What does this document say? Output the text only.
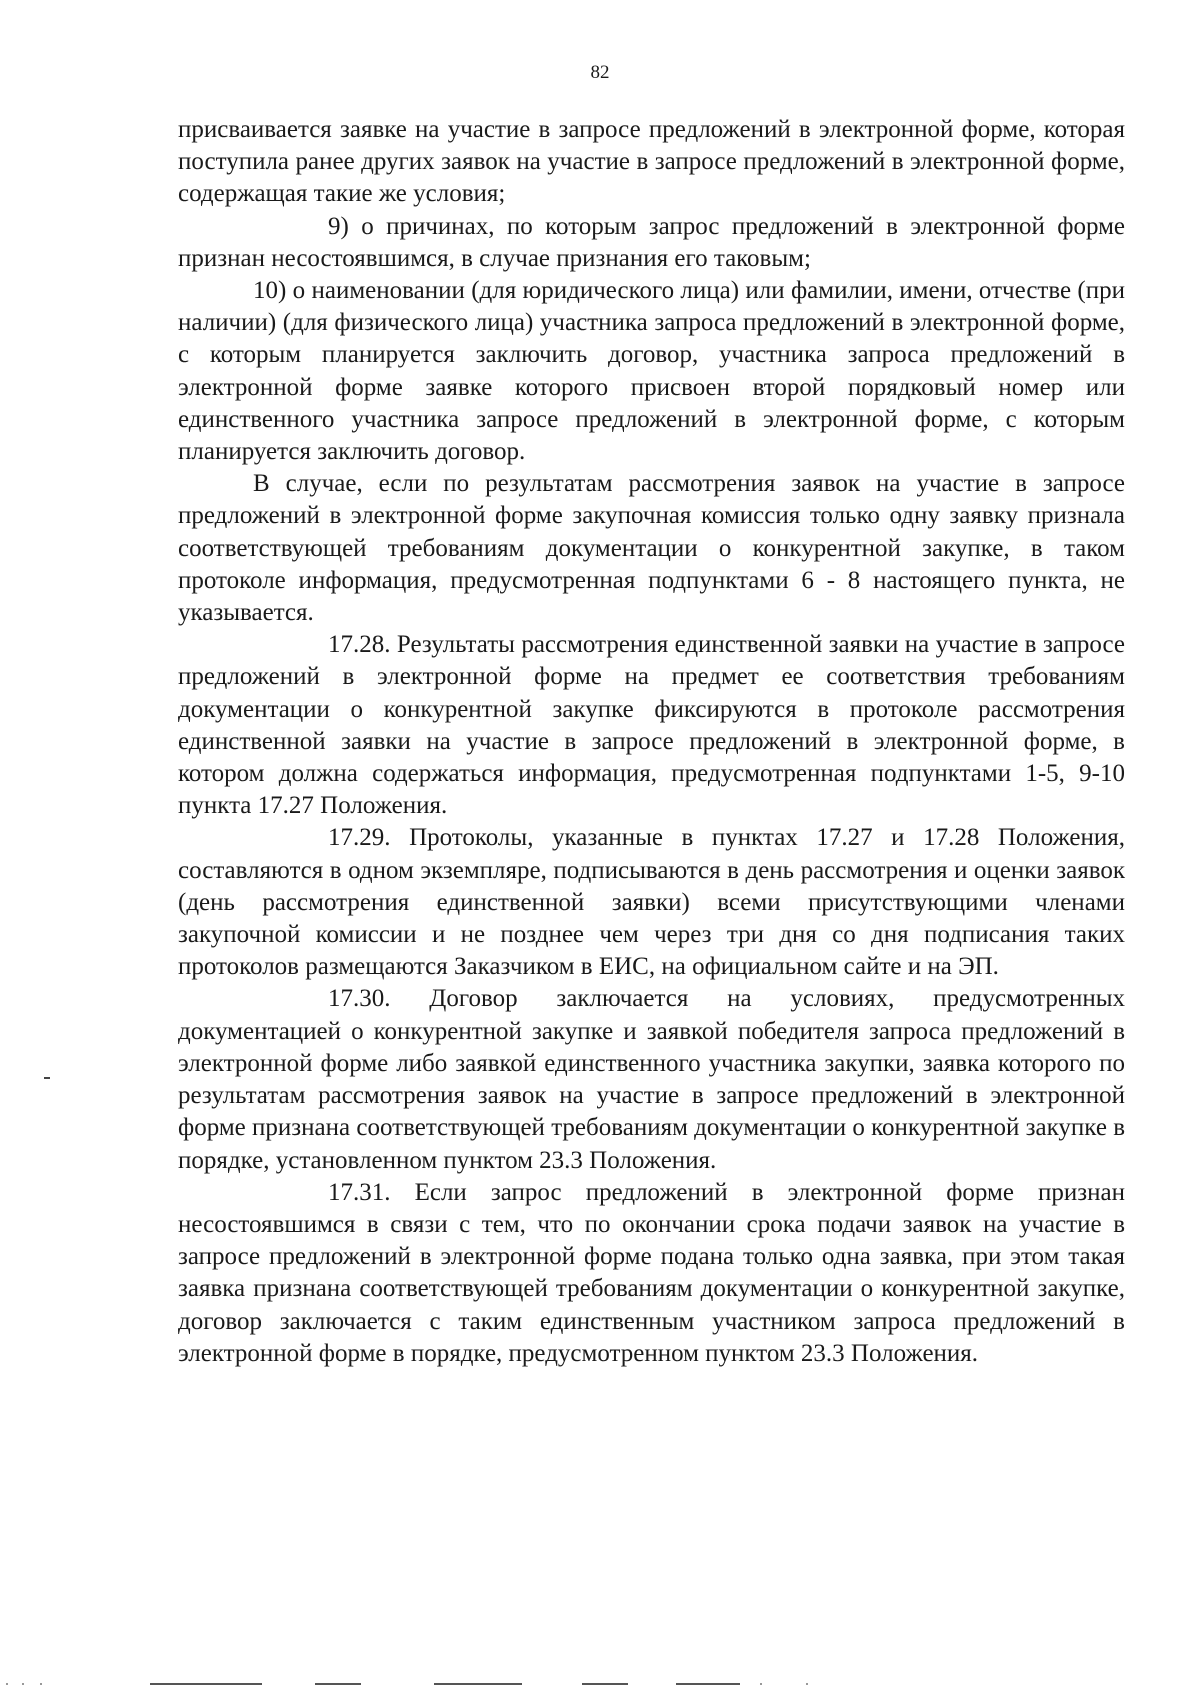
82

присваивается заявке на участие в запросе предложений в электронной форме, которая поступила ранее других заявок на участие в запросе предложений в электронной форме, содержащая такие же условия;

9) о причинах, по которым запрос предложений в электронной форме признан несостоявшимся, в случае признания его таковым;

10) о наименовании (для юридического лица) или фамилии, имени, отчестве (при наличии) (для физического лица) участника запроса предложений в электронной форме, с которым планируется заключить договор, участника запроса предложений в электронной форме заявке которого присвоен второй порядковый номер или единственного участника запросе предложений в электронной форме, с которым планируется заключить договор.

В случае, если по результатам рассмотрения заявок на участие в запросе предложений в электронной форме закупочная комиссия только одну заявку признала соответствующей требованиям документации о конкурентной закупке, в таком протоколе информация, предусмотренная подпунктами 6 - 8 настоящего пункта, не указывается.

17.28. Результаты рассмотрения единственной заявки на участие в запросе предложений в электронной форме на предмет ее соответствия требованиям документации о конкурентной закупке фиксируются в протоколе рассмотрения единственной заявки на участие в запросе предложений в электронной форме, в котором должна содержаться информация, предусмотренная подпунктами 1-5, 9-10 пункта 17.27 Положения.

17.29. Протоколы, указанные в пунктах 17.27 и 17.28 Положения, составляются в одном экземпляре, подписываются в день рассмотрения и оценки заявок (день рассмотрения единственной заявки) всеми присутствующими членами закупочной комиссии и не позднее чем через три дня со дня подписания таких протоколов размещаются Заказчиком в ЕИС, на официальном сайте и на ЭП.

17.30. Договор заключается на условиях, предусмотренных документацией о конкурентной закупке и заявкой победителя запроса предложений в электронной форме либо заявкой единственного участника закупки, заявка которого по результатам рассмотрения заявок на участие в запросе предложений в электронной форме признана соответствующей требованиям документации о конкурентной закупке в порядке, установленном пунктом 23.3 Положения.

17.31. Если запрос предложений в электронной форме признан несостоявшимся в связи с тем, что по окончании срока подачи заявок на участие в запросе предложений в электронной форме подана только одна заявка, при этом такая заявка признана соответствующей требованиям документации о конкурентной закупке, договор заключается с таким единственным участником запроса предложений в электронной форме в порядке, предусмотренном пунктом 23.3 Положения.
